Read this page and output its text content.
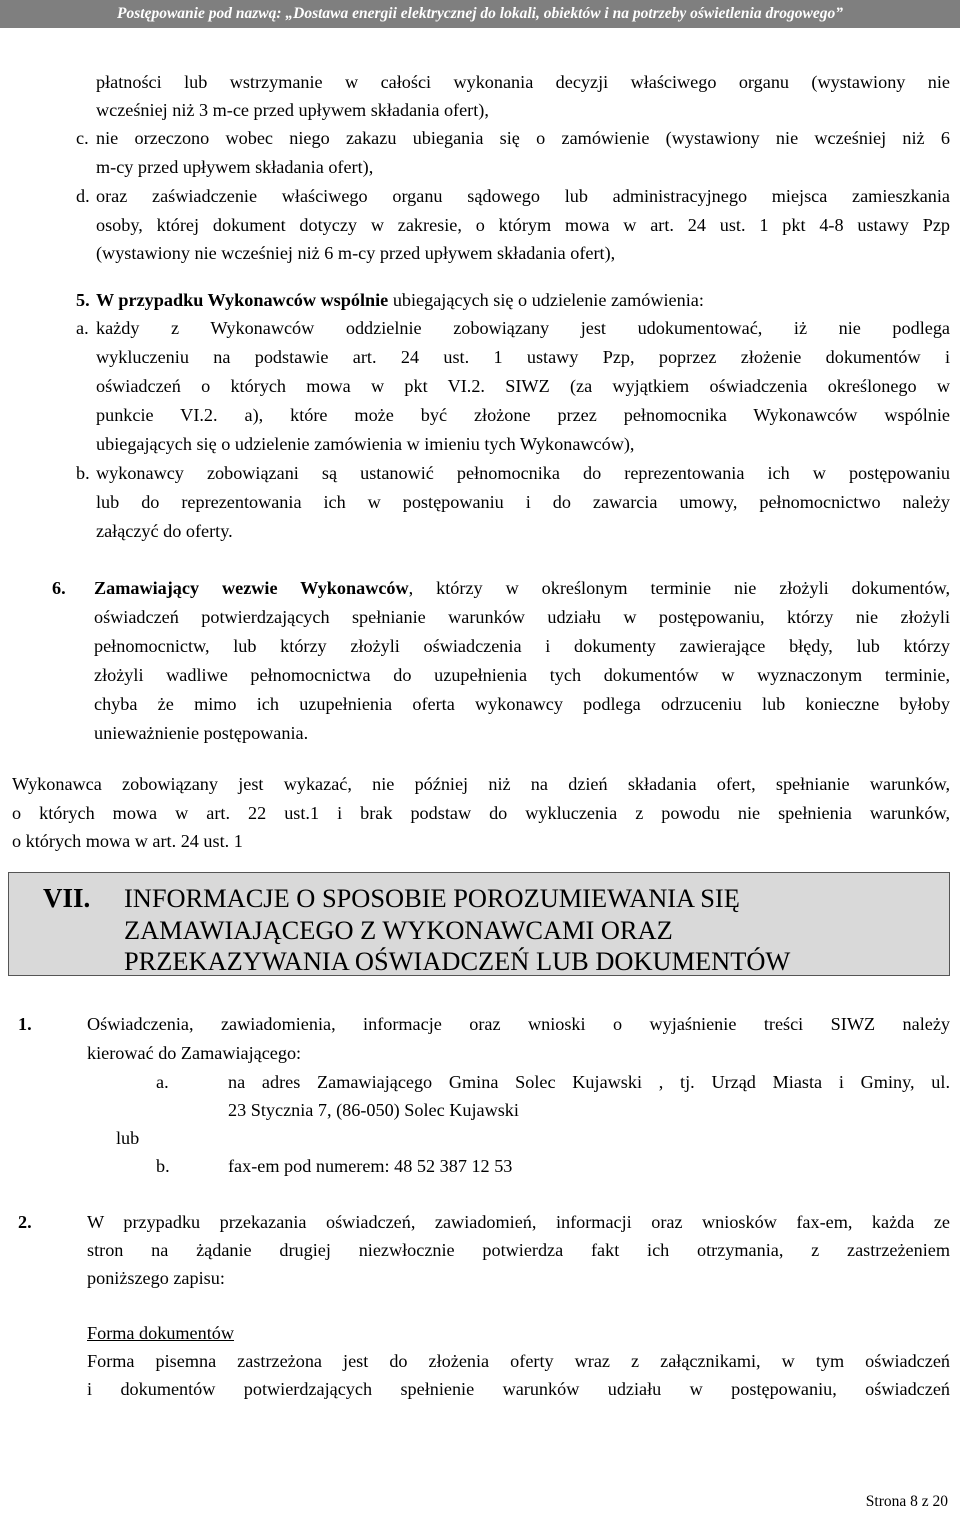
Postępowanie pod nazwą: „Dostawa energii elektrycznej do lokali, obiektów i na potrzeby oświetlenia drogowego”
płatności lub wstrzymanie w całości wykonania decyzji właściwego organu (wystawiony nie
wcześniej niż 3 m-ce przed upływem składania ofert),
c. nie orzeczono wobec niego zakazu ubiegania się o zamówienie (wystawiony nie wcześniej niż 6
m-cy przed upływem składania ofert),
d. oraz zaświadczenie właściwego organu sądowego lub administracyjnego miejsca zamieszkania
osoby, której dokument dotyczy w zakresie, o którym mowa w art. 24 ust. 1 pkt 4-8 ustawy Pzp
(wystawiony nie wcześniej niż 6 m-cy przed upływem składania ofert),
5. W przypadku Wykonawców wspólnie ubiegających się o udzielenie zamówienia:
a. każdy z Wykonawców oddzielnie zobowiązany jest udokumentować, iż nie podlega
wykluczeniu na podstawie art. 24 ust. 1 ustawy Pzp, poprzez złożenie dokumentów i
oświadczeń o których mowa w pkt VI.2. SIWZ (za wyjątkiem oświadczenia określonego w
punkcie VI.2. a), które może być złożone przez pełnomocnika Wykonawców wspólnie
ubiegających się o udzielenie zamówienia w imieniu tych Wykonawców),
b. wykonawcy zobowiązani są ustanowić pełnomocnika do reprezentowania ich w postępowaniu
lub do reprezentowania ich w postępowaniu i do zawarcia umowy, pełnomocnictwo należy
załączyć do oferty.
6. Zamawiający wezwie Wykonawców, którzy w określonym terminie nie złożyli dokumentów,
oświadczeń potwierdzających spełnianie warunków udziału w postępowaniu, którzy nie złożyli
pełnomocnictw, lub którzy złożyli oświadczenia i dokumenty zawierające błędy, lub którzy
złożyli wadliwe pełnomocnictwa do uzupełnienia tych dokumentów w wyznaczonym terminie,
chyba że mimo ich uzupełnienia oferta wykonawcy podlega odrzuceniu lub konieczne byłoby
unieważnienie postępowania.
Wykonawca zobowiązany jest wykazać, nie później niż na dzień składania ofert, spełnianie warunków,
o których mowa w art. 22 ust.1 i brak podstaw do wykluczenia z powodu nie spełnienia warunków,
o których mowa w art. 24 ust. 1
VII. INFORMACJE O SPOSOBIE POROZUMIEWANIA SIĘ
ZAMAWIAJĄCEGO Z WYKONAWCAMI ORAZ
PRZEKAZYWANIA OŚWIADCZEŃ LUB DOKUMENTÓW
1.	Oświadczenia, zawiadomienia, informacje oraz wnioski o wyjaśnienie treści SIWZ należy
kierować do Zamawiającego:
a.	na adres Zamawiającego Gmina Solec Kujawski , tj. Urząd Miasta i Gminy, ul.
23 Stycznia 7, (86-050) Solec Kujawski
lub
b.	fax-em pod numerem: 48 52 387 12 53
2.	W przypadku przekazania oświadczeń, zawiadomień, informacji oraz wniosków fax-em, każda ze
stron na żądanie drugiej niezwłocznie potwierdza fakt ich otrzymania, z zastrzeżeniem
poniższego zapisu:
Forma dokumentów
Forma pisemna zastrzeżona jest do złożenia oferty wraz z załącznikami, w tym oświadczeń
i dokumentów potwierdzających spełnienie warunków udziału w postępowaniu, oświadczeń
Strona 8 z 20
